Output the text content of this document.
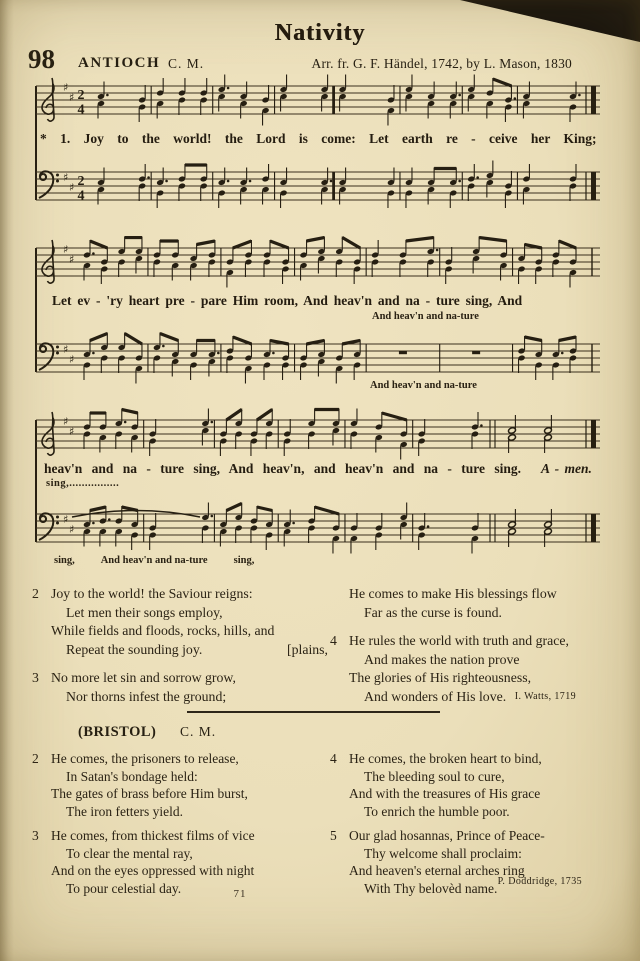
Nativity
98 ANTIOCH C. M.	Arr. fr. G. F. Händel, 1742, by L. Mason, 1830
♯
♯ 2
4
♯
♯ 2
4
* 1. Joy to the world! the Lord is come: Let earth re - ceive her King;
♯
♯
♯
♯
Let ev - 'ry heart pre - pare Him room, And heav'n and na - ture sing, And
And heav'n and na-ture
And heav'n and na-ture
♯
♯
♯
♯
heav'n and na - ture sing, And heav'n, and heav'n and na - ture sing. A - men.
sing,................
sing, And heav'n and na-ture sing,
2 Joy to the world! the Saviour reigns:
Let men their songs employ,
While fields and floods, rocks, hills, and
Repeat the sounding joy.	[plains,
3 No more let sin and sorrow grow,
Nor thorns infest the ground;
He comes to make His blessings flow
Far as the curse is found.
4 He rules the world with truth and grace,
And makes the nation prove
The glories of His righteousness,
And wonders of His love. I. Watts, 1719
(BRISTOL) C. M.
2 He comes, the prisoners to release,
In Satan's bondage held:
The gates of brass before Him burst,
The iron fetters yield.
3 He comes, from thickest films of vice
To clear the mental ray,
And on the eyes oppressed with night
To pour celestial day.
4 He comes, the broken heart to bind,
The bleeding soul to cure,
And with the treasures of His grace
To enrich the humble poor.
5 Our glad hosannas, Prince of Peace-
Thy welcome shall proclaim:
And heaven's eternal arches ring
With Thy belovèd name. P. Doddridge, 1735
71
